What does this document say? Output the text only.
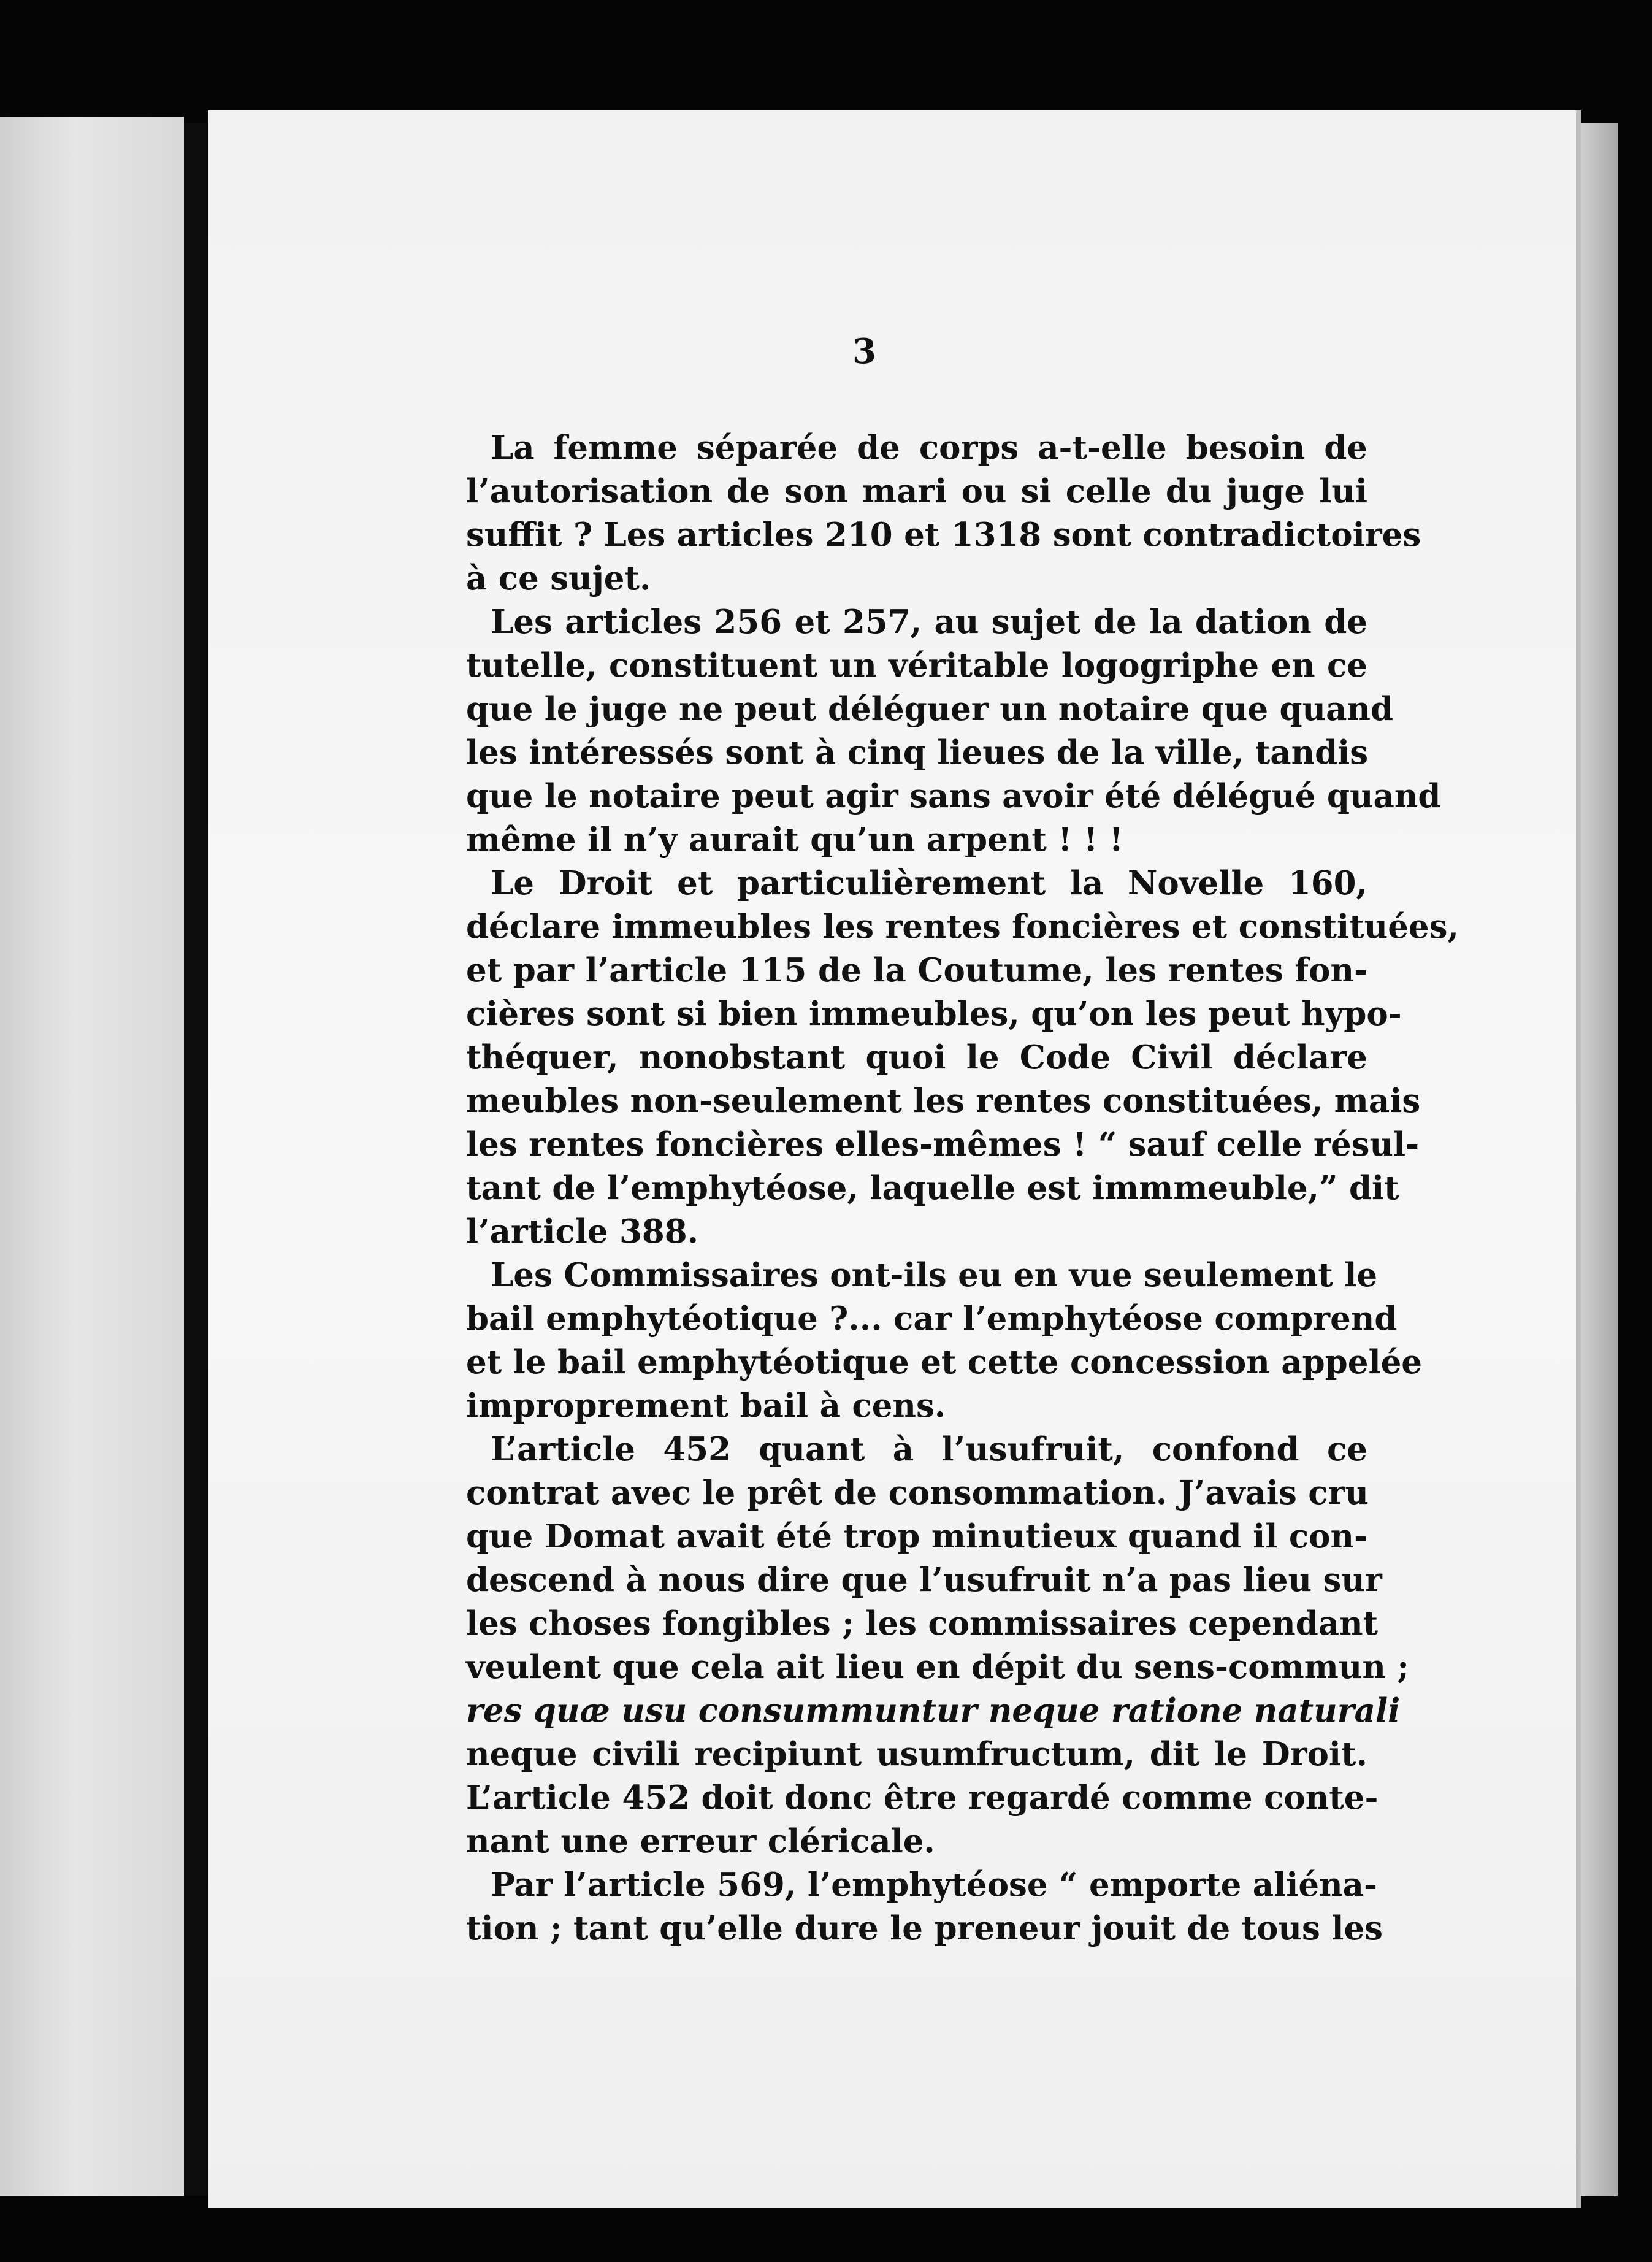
3
La femme séparée de corps a-t-elle besoin de
l’autorisation de son mari ou si celle du juge lui
suffit ? Les articles 210 et 1318 sont contradictoires
à ce sujet.
Les articles 256 et 257, au sujet de la dation de
tutelle, constituent un véritable logogriphe en ce
que le juge ne peut déléguer un notaire que quand
les intéressés sont à cinq lieues de la ville, tandis
que le notaire peut agir sans avoir été délégué quand
même il n’y aurait qu’un arpent ! ! !
Le Droit et particulièrement la Novelle 160,
déclare immeubles les rentes foncières et constituées,
et par l’article 115 de la Coutume, les rentes fon-
cières sont si bien immeubles, qu’on les peut hypo-
théquer, nonobstant quoi le Code Civil déclare
meubles non-seulement les rentes constituées, mais
les rentes foncières elles-mêmes ! “ sauf celle résul-
tant de l’emphytéose, laquelle est immmeuble,” dit
l’article 388.
Les Commissaires ont-ils eu en vue seulement le
bail emphytéotique ?... car l’emphytéose comprend
et le bail emphytéotique et cette concession appelée
improprement bail à cens.
L’article 452 quant à l’usufruit, confond ce
contrat avec le prêt de consommation. J’avais cru
que Domat avait été trop minutieux quand il con-
descend à nous dire que l’usufruit n’a pas lieu sur
les choses fongibles ; les commissaires cependant
veulent que cela ait lieu en dépit du sens-commun ;
res quæ usu consummuntur neque ratione naturali
neque civili recipiunt usumfructum, dit le Droit.
L’article 452 doit donc être regardé comme conte-
nant une erreur cléricale.
Par l’article 569, l’emphytéose “ emporte aliéna-
tion ; tant qu’elle dure le preneur jouit de tous les
